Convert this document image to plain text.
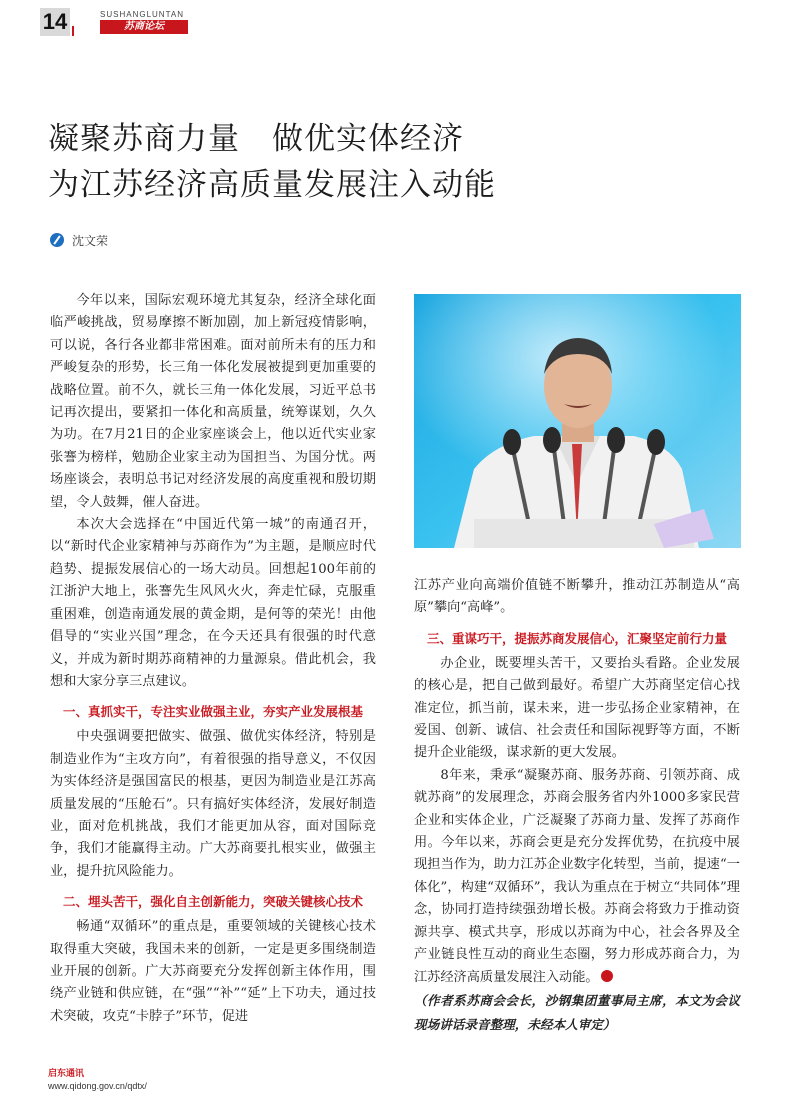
14	SUSHANGLUNTAN
苏商论坛
凝聚苏商力量　做优实体经济
为江苏经济高质量发展注入动能
沈文荣

今年以来，国际宏观环境尤其复杂，经济全球化面临严峻挑战，贸易摩擦不断加剧，加上新冠疫情影响，可以说，各行各业都非常困难。面对前所未有的压力和严峻复杂的形势，长三角一体化发展被提到更加重要的战略位置。前不久，就长三角一体化发展，习近平总书记再次提出，要紧扣一体化和高质量，统筹谋划，久久为功。在7月21日的企业家座谈会上，他以近代实业家张謇为榜样，勉励企业家主动为国担当、为国分忧。两场座谈会，表明总书记对经济发展的高度重视和殷切期望，令人鼓舞，催人奋进。

本次大会选择在“中国近代第一城”的南通召开，以“新时代企业家精神与苏商作为”为主题，是顺应时代趋势、提振发展信心的一场大动员。回想起100年前的江浙沪大地上，张謇先生风风火火，奔走忙碌，克服重重困难，创造南通发展的黄金期，是何等的荣光！由他倡导的“实业兴国”理念，在今天还具有很强的时代意义，并成为新时期苏商精神的力量源泉。借此机会，我想和大家分享三点建议。

一、真抓实干，专注实业做强主业，夯实产业发展根基

中央强调要把做实、做强、做优实体经济，特别是制造业作为“主攻方向”，有着很强的指导意义，不仅因为实体经济是强国富民的根基，更因为制造业是江苏高质量发展的“压舱石”。只有搞好实体经济，发展好制造业，面对危机挑战，我们才能更加从容，面对国际竞争，我们才能赢得主动。广大苏商要扎根实业，做强主业，提升抗风险能力。

二、埋头苦干，强化自主创新能力，突破关键核心技术

畅通“双循环”的重点是，重要领域的关键核心技术取得重大突破，我国未来的创新，一定是更多围绕制造业开展的创新。广大苏商要充分发挥创新主体作用，围绕产业链和供应链，在“强”“补”“延”上下功夫，通过技术突破，攻克“卡脖子”环节，促进

江苏产业向高端价值链不断攀升，推动江苏制造从“高原”攀向“高峰”。

三、重谋巧干，提振苏商发展信心，汇聚坚定前行力量

办企业，既要埋头苦干，又要抬头看路。企业发展的核心是，把自己做到最好。希望广大苏商坚定信心找准定位，抓当前，谋未来，进一步弘扬企业家精神，在爱国、创新、诚信、社会责任和国际视野等方面，不断提升企业能级，谋求新的更大发展。

8年来，秉承“凝聚苏商、服务苏商、引领苏商、成就苏商”的发展理念，苏商会服务省内外1000多家民营企业和实体企业，广泛凝聚了苏商力量、发挥了苏商作用。今年以来，苏商会更是充分发挥优势，在抗疫中展现担当作为，助力江苏企业数字化转型，当前，提速“一体化”，构建“双循环”，我认为重点在于树立“共同体”理念，协同打造持续强劲增长极。苏商会将致力于推动资源共享、模式共享，形成以苏商为中心，社会各界及全产业链良性互动的商业生态圈，努力形成苏商合力，为江苏经济高质量发展注入动能。

（作者系苏商会会长，沙钢集团董事局主席，本文为会议现场讲话录音整理，未经本人审定）

启东通讯
www.qidong.gov.cn/qdtx/
